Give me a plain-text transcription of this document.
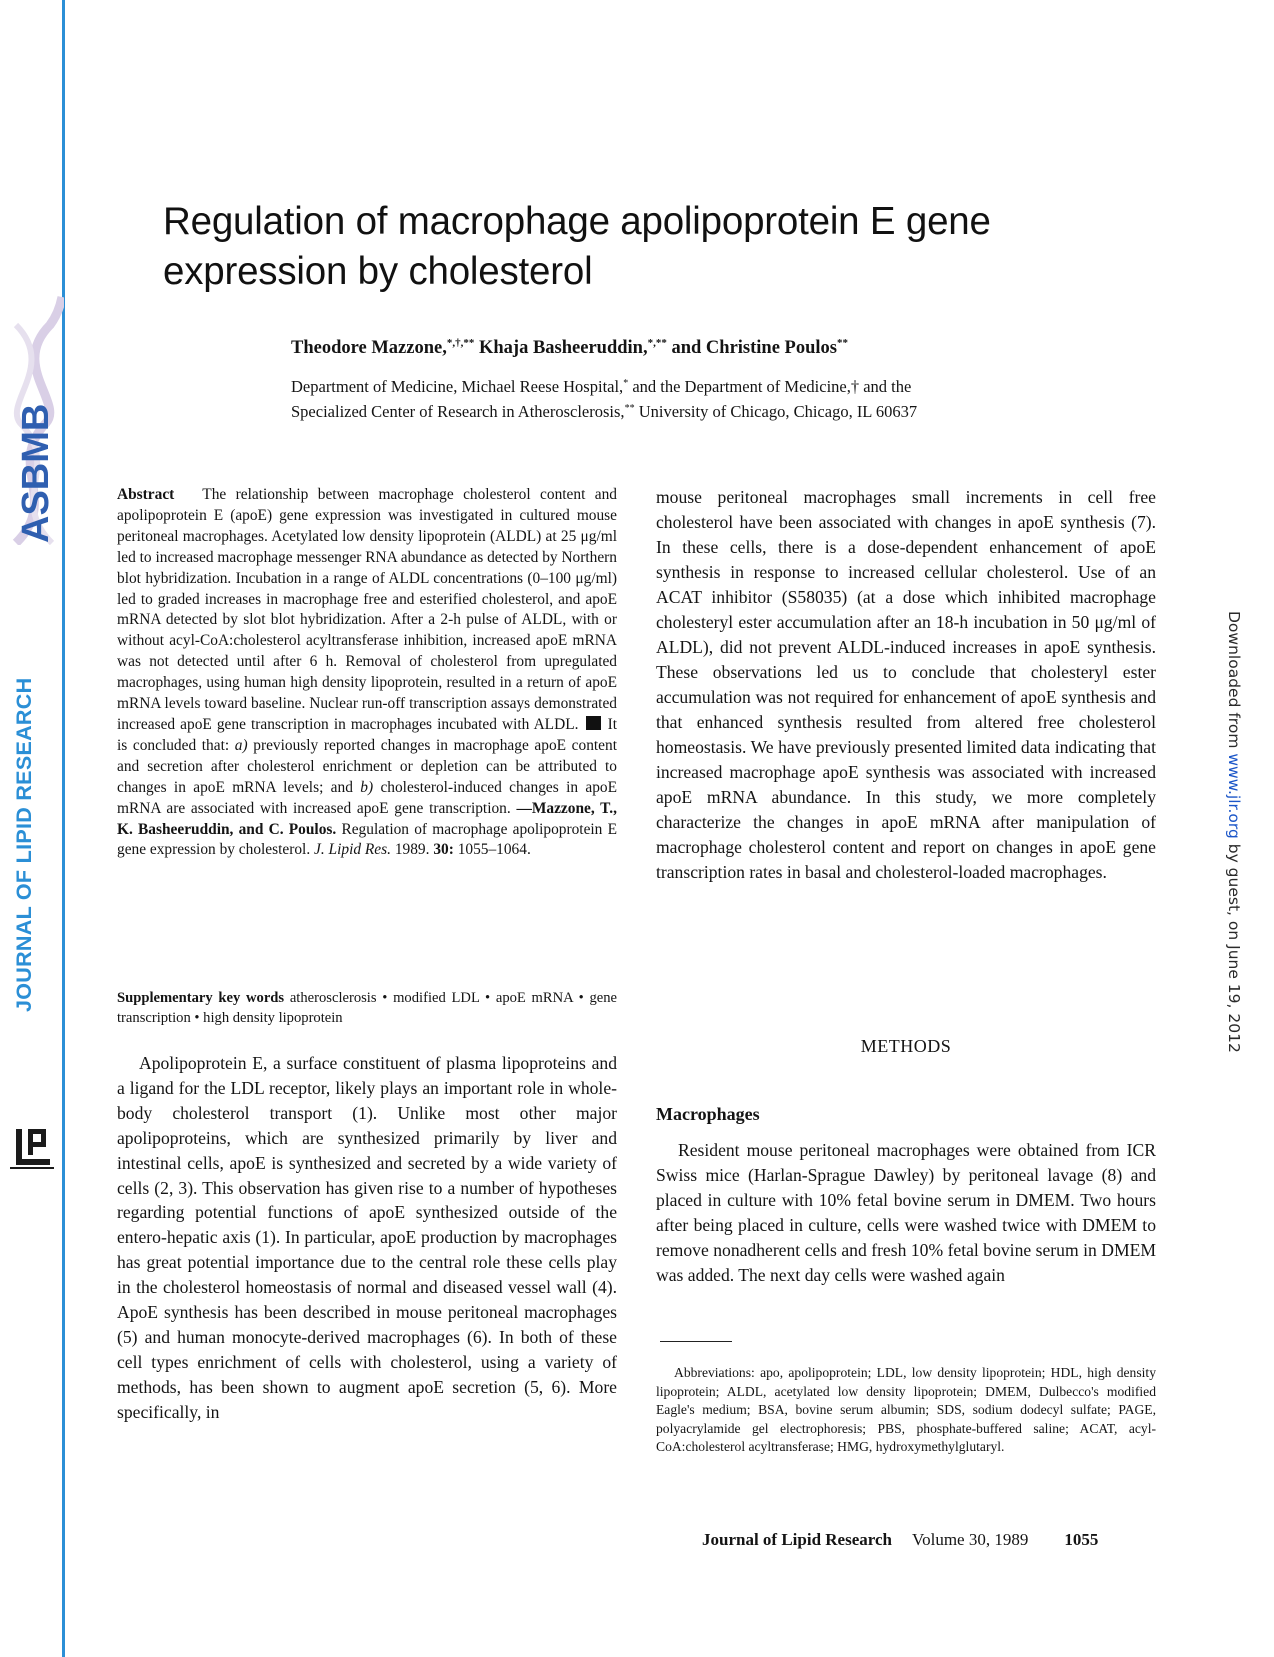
ASBMB
JOURNAL OF LIPID RESEARCH	Downloaded from www.jlr.org by guest, on June 19, 2012
Regulation of macrophage apolipoprotein E gene expression by cholesterol
Theodore Mazzone,*,†,** Khaja Basheeruddin,*,** and Christine Poulos**
Department of Medicine, Michael Reese Hospital,* and the Department of Medicine,† and the
Specialized Center of Research in Atherosclerosis,** University of Chicago, Chicago, IL 60637
Abstract The relationship between macrophage cholesterol content and apolipoprotein E (apoE) gene expression was investigated in cultured mouse peritoneal macrophages. Acetylated low density lipoprotein (ALDL) at 25 μg/ml led to increased macrophage messenger RNA abundance as detected by Northern blot hybridization. Incubation in a range of ALDL concentrations (0–100 μg/ml) led to graded increases in macrophage free and esterified cholesterol, and apoE mRNA detected by slot blot hybridization. After a 2-h pulse of ALDL, with or without acyl-CoA:cholesterol acyltransferase inhibition, increased apoE mRNA was not detected until after 6 h. Removal of cholesterol from upregulated macrophages, using human high density lipoprotein, resulted in a return of apoE mRNA levels toward baseline. Nuclear run-off transcription assays demonstrated increased apoE gene transcription in macrophages incubated with ALDL. It is concluded that: a) previously reported changes in macrophage apoE content and secretion after cholesterol enrichment or depletion can be attributed to changes in apoE mRNA levels; and b) cholesterol-induced changes in apoE mRNA are associated with increased apoE gene transcription. —Mazzone, T., K. Basheeruddin, and C. Poulos. Regulation of macrophage apolipoprotein E gene expression by cholesterol. J. Lipid Res. 1989. 30: 1055–1064.
Supplementary key words atherosclerosis • modified LDL • apoE mRNA • gene transcription • high density lipoprotein
Apolipoprotein E, a surface constituent of plasma lipoproteins and a ligand for the LDL receptor, likely plays an important role in whole-body cholesterol transport (1). Unlike most other major apolipoproteins, which are synthesized primarily by liver and intestinal cells, apoE is synthesized and secreted by a wide variety of cells (2, 3). This observation has given rise to a number of hypotheses regarding potential functions of apoE synthesized outside of the entero-hepatic axis (1). In particular, apoE production by macrophages has great potential importance due to the central role these cells play in the cholesterol homeostasis of normal and diseased vessel wall (4). ApoE synthesis has been described in mouse peritoneal macrophages (5) and human monocyte-derived macrophages (6). In both of these cell types enrichment of cells with cholesterol, using a variety of methods, has been shown to augment apoE secretion (5, 6). More specifically, in
mouse peritoneal macrophages small increments in cell free cholesterol have been associated with changes in apoE synthesis (7). In these cells, there is a dose-dependent enhancement of apoE synthesis in response to increased cellular cholesterol. Use of an ACAT inhibitor (S58035) (at a dose which inhibited macrophage cholesteryl ester accumulation after an 18-h incubation in 50 μg/ml of ALDL), did not prevent ALDL-induced increases in apoE synthesis. These observations led us to conclude that cholesteryl ester accumulation was not required for enhancement of apoE synthesis and that enhanced synthesis resulted from altered free cholesterol homeostasis. We have previously presented limited data indicating that increased macrophage apoE synthesis was associated with increased apoE mRNA abundance. In this study, we more completely characterize the changes in apoE mRNA after manipulation of macrophage cholesterol content and report on changes in apoE gene transcription rates in basal and cholesterol-loaded macrophages.
METHODS
Macrophages
Resident mouse peritoneal macrophages were obtained from ICR Swiss mice (Harlan-Sprague Dawley) by peritoneal lavage (8) and placed in culture with 10% fetal bovine serum in DMEM. Two hours after being placed in culture, cells were washed twice with DMEM to remove nonadherent cells and fresh 10% fetal bovine serum in DMEM was added. The next day cells were washed again
Abbreviations: apo, apolipoprotein; LDL, low density lipoprotein; HDL, high density lipoprotein; ALDL, acetylated low density lipoprotein; DMEM, Dulbecco's modified Eagle's medium; BSA, bovine serum albumin; SDS, sodium dodecyl sulfate; PAGE, polyacrylamide gel electrophoresis; PBS, phosphate-buffered saline; ACAT, acyl-CoA:cholesterol acyltransferase; HMG, hydroxymethylglutaryl.
Journal of Lipid Research Volume 30, 1989 1055
